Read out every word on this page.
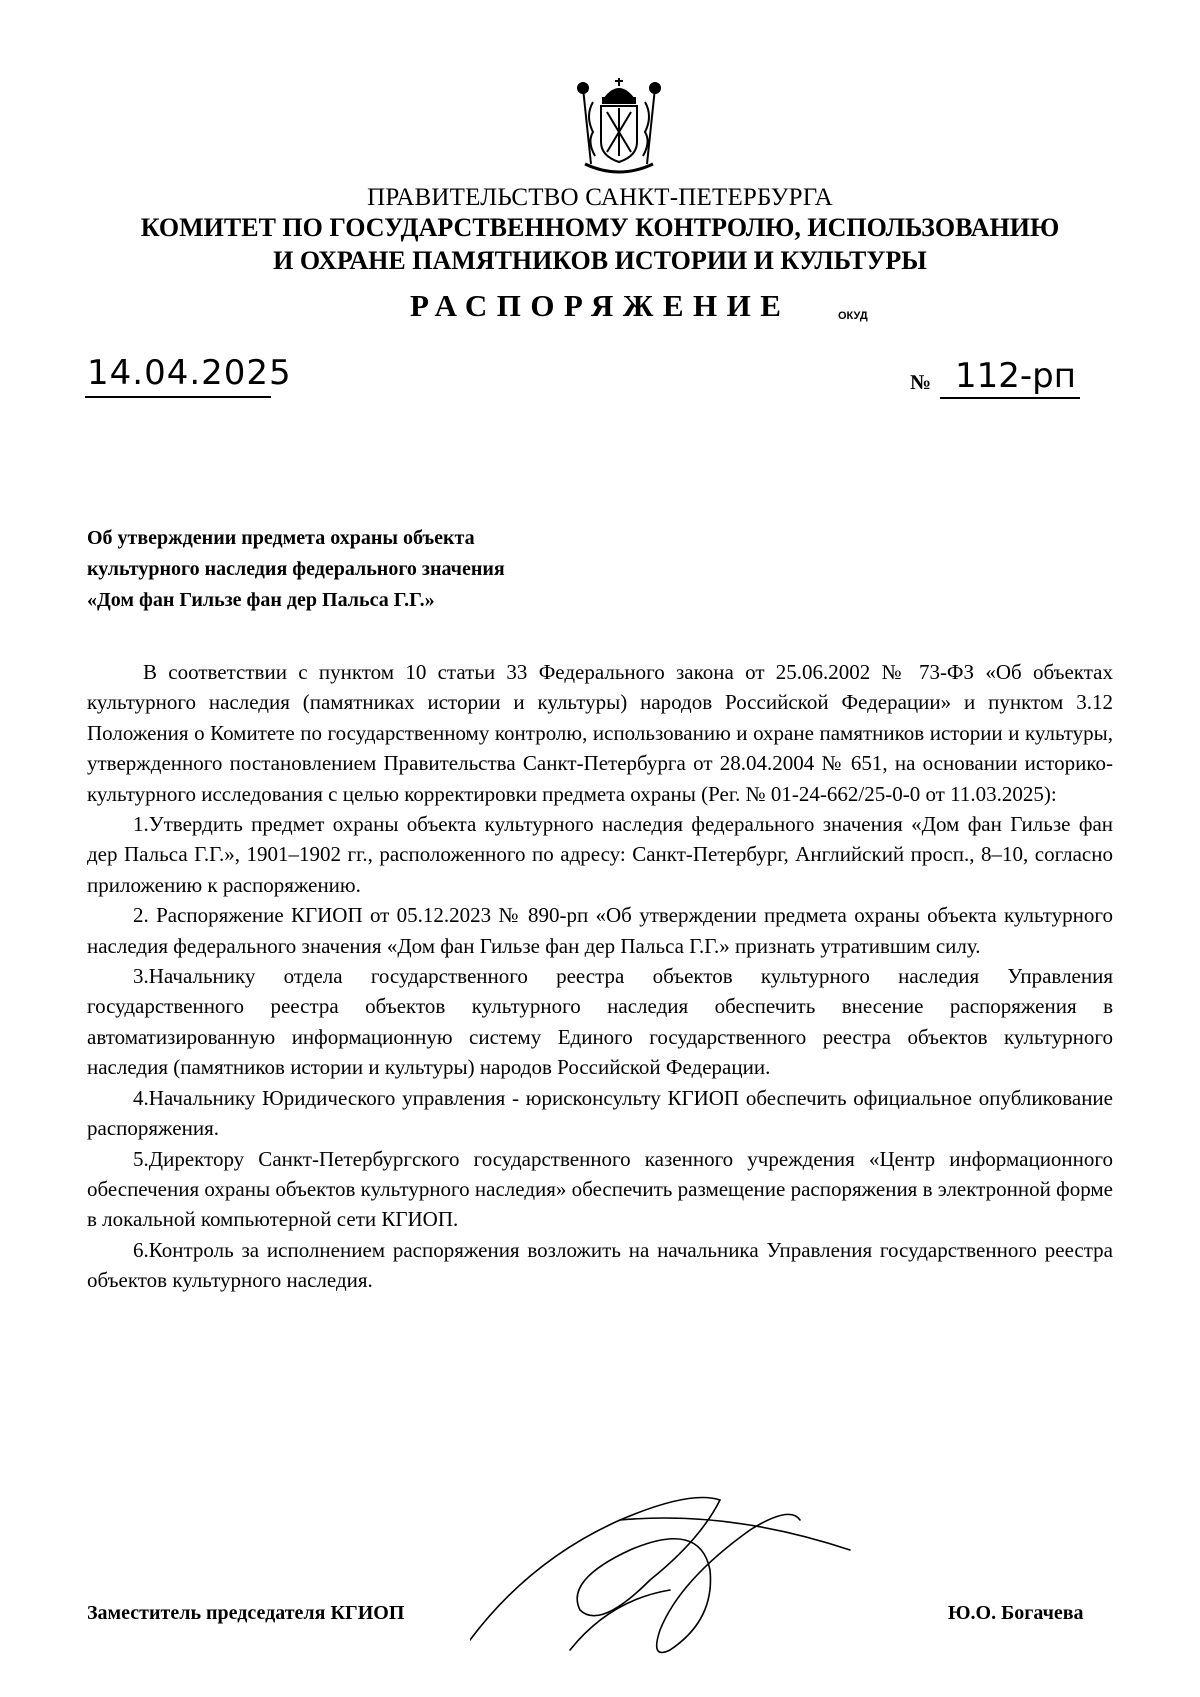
ПРАВИТЕЛЬСТВО САНКТ-ПЕТЕРБУРГА
КОМИТЕТ ПО ГОСУДАРСТВЕННОМУ КОНТРОЛЮ, ИСПОЛЬЗОВАНИЮ
И ОХРАНЕ ПАМЯТНИКОВ ИСТОРИИ И КУЛЬТУРЫ
РАСПОРЯЖЕНИЕ	ОКУД
14.04.2025	№ 112-рп
Об утверждении предмета охраны объекта
культурного наследия федерального значения
«Дом фан Гильзе фан дер Пальса Г.Г.»

В соответствии с пунктом 10 статьи 33 Федерального закона от 25.06.2002 № 73-ФЗ «Об объектах культурного наследия (памятниках истории и культуры) народов Российской Федерации» и пунктом 3.12 Положения о Комитете по государственному контролю, использованию и охране памятников истории и культуры, утвержденного постановлением Правительства Санкт-Петербурга от 28.04.2004 № 651, на основании историко-культурного исследования с целью корректировки предмета охраны (Рег. № 01-24-662/25-0-0 от 11.03.2025):

1.Утвердить предмет охраны объекта культурного наследия федерального значения «Дом фан Гильзе фан дер Пальса Г.Г.», 1901–1902 гг., расположенного по адресу: Санкт-Петербург, Английский просп., 8–10, согласно приложению к распоряжению.

2. Распоряжение КГИОП от 05.12.2023 № 890-рп «Об утверждении предмета охраны объекта культурного наследия федерального значения «Дом фан Гильзе фан дер Пальса Г.Г.» признать утратившим силу.

3.Начальнику отдела государственного реестра объектов культурного наследия Управления государственного реестра объектов культурного наследия обеспечить внесение распоряжения в автоматизированную информационную систему Единого государственного реестра объектов культурного наследия (памятников истории и культуры) народов Российской Федерации.

4.Начальнику Юридического управления - юрисконсульту КГИОП обеспечить официальное опубликование распоряжения.

5.Директору Санкт-Петербургского государственного казенного учреждения «Центр информационного обеспечения охраны объектов культурного наследия» обеспечить размещение распоряжения в электронной форме в локальной компьютерной сети КГИОП.

6.Контроль за исполнением распоряжения возложить на начальника Управления государственного реестра объектов культурного наследия.

Заместитель председателя КГИОП	Ю.О. Богачева
